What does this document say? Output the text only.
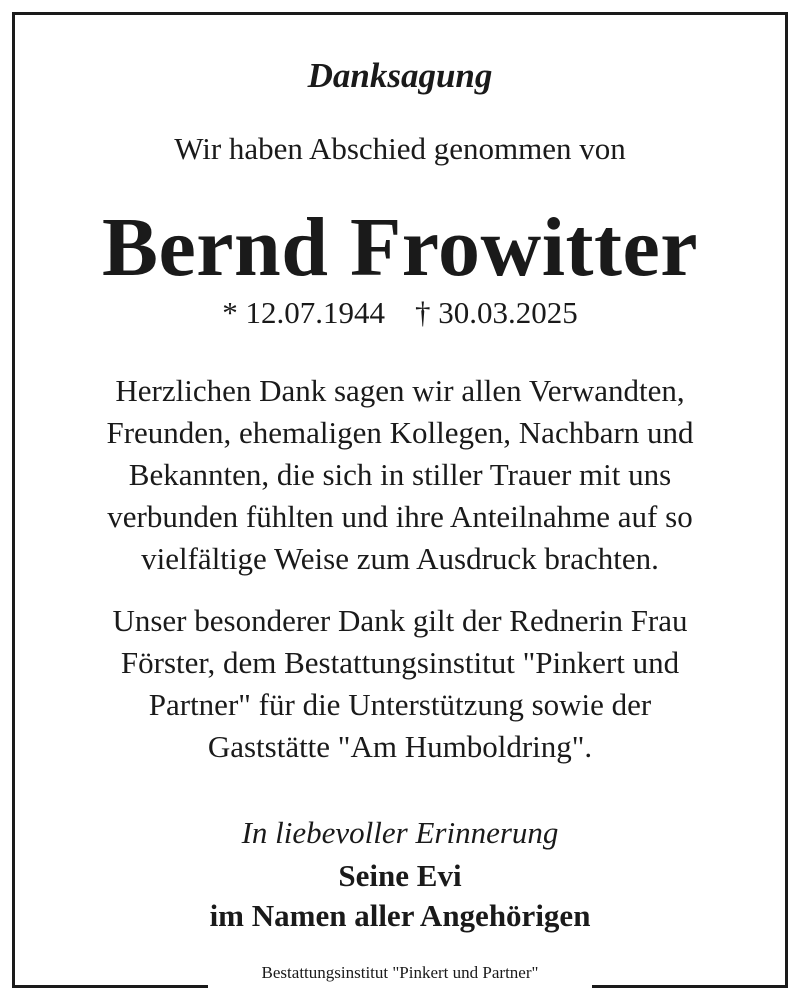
Danksagung
Wir haben Abschied genommen von
Bernd Frowitter
* 12.07.1944 † 30.03.2025
Herzlichen Dank sagen wir allen Verwandten,
Freunden, ehemaligen Kollegen, Nachbarn und
Bekannten, die sich in stiller Trauer mit uns
verbunden fühlten und ihre Anteilnahme auf so
vielfältige Weise zum Ausdruck brachten.
Unser besonderer Dank gilt der Rednerin Frau
Förster, dem Bestattungsinstitut "Pinkert und
Partner" für die Unterstützung sowie der
Gaststätte "Am Humboldring".
In liebevoller Erinnerung
Seine Evi
im Namen aller Angehörigen
Bestattungsinstitut "Pinkert und Partner"
